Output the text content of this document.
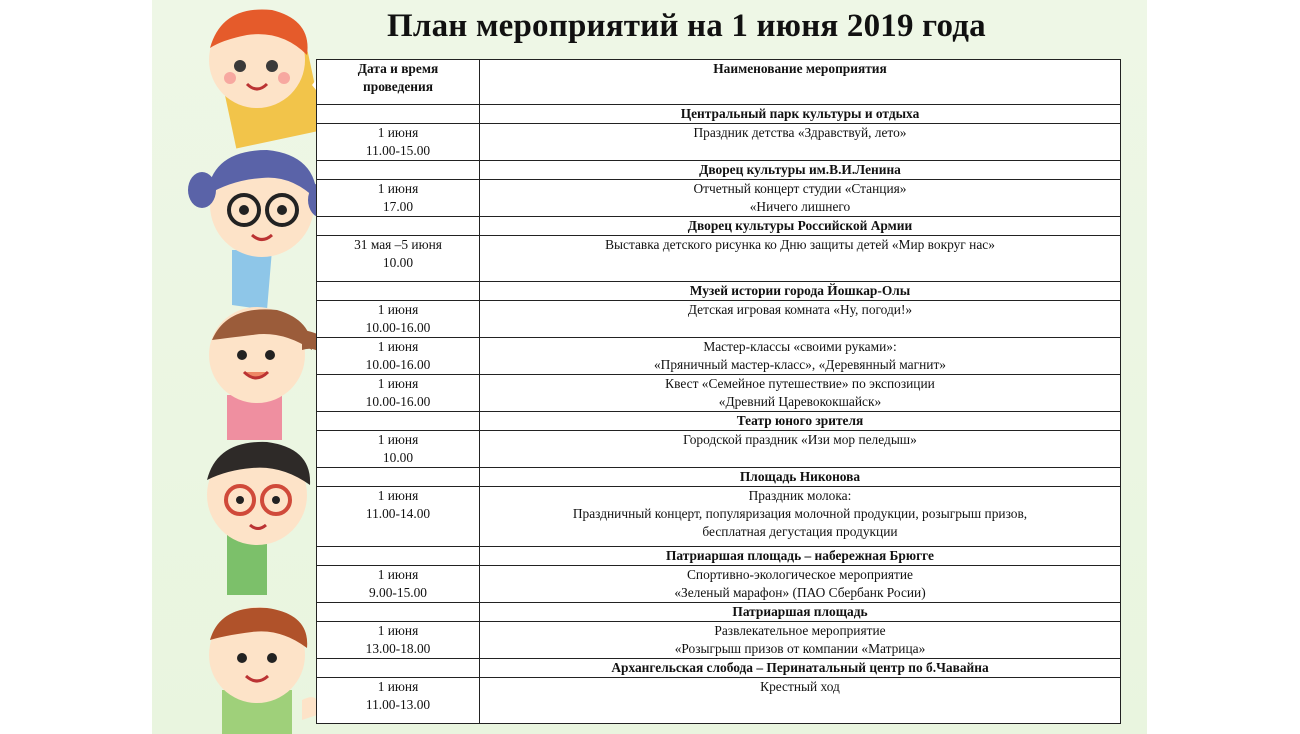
План мероприятий на 1 июня 2019 года
Дата и время
проведения	Наименование мероприятия
	Центральный парк культуры и отдыха

1 июня
11.00-15.00	Праздник детства «Здравствуй, лето»

	Дворец культуры им.В.И.Ленина

1 июня
17.00	Отчетный концерт студии «Станция»
«Ничего лишнего

	Дворец культуры Российской Армии

31 мая –5 июня
10.00	Выставка детского рисунка ко Дню защиты детей «Мир вокруг нас»

	Музей истории города Йошкар-Олы

1 июня
10.00-16.00	Детская игровая комната «Ну, погоди!»

1 июня
10.00-16.00	Мастер-классы «своими руками»:
«Пряничный мастер-класс», «Деревянный магнит»

1 июня
10.00-16.00	Квест «Семейное путешествие» по экспозиции
«Древний Царевококшайск»

	Театр юного зрителя

1 июня
10.00	Городской праздник «Изи мор пеледыш»

	Площадь Никонова

1 июня
11.00-14.00	Праздник молока:
Праздничный концерт, популяризация молочной продукции, розыгрыш призов,
бесплатная дегустация продукции

	Патриаршая площадь – набережная Брюгге

1 июня
9.00-15.00	Спортивно-экологическое мероприятие
«Зеленый марафон» (ПАО Сбербанк Росии)

	Патриаршая площадь

1 июня
13.00-18.00	Развлекательное мероприятие
«Розыгрыш призов от компании «Матрица»

	Архангельская слобода – Перинатальный центр по б.Чавайна

1 июня
11.00-13.00	Крестный ход
